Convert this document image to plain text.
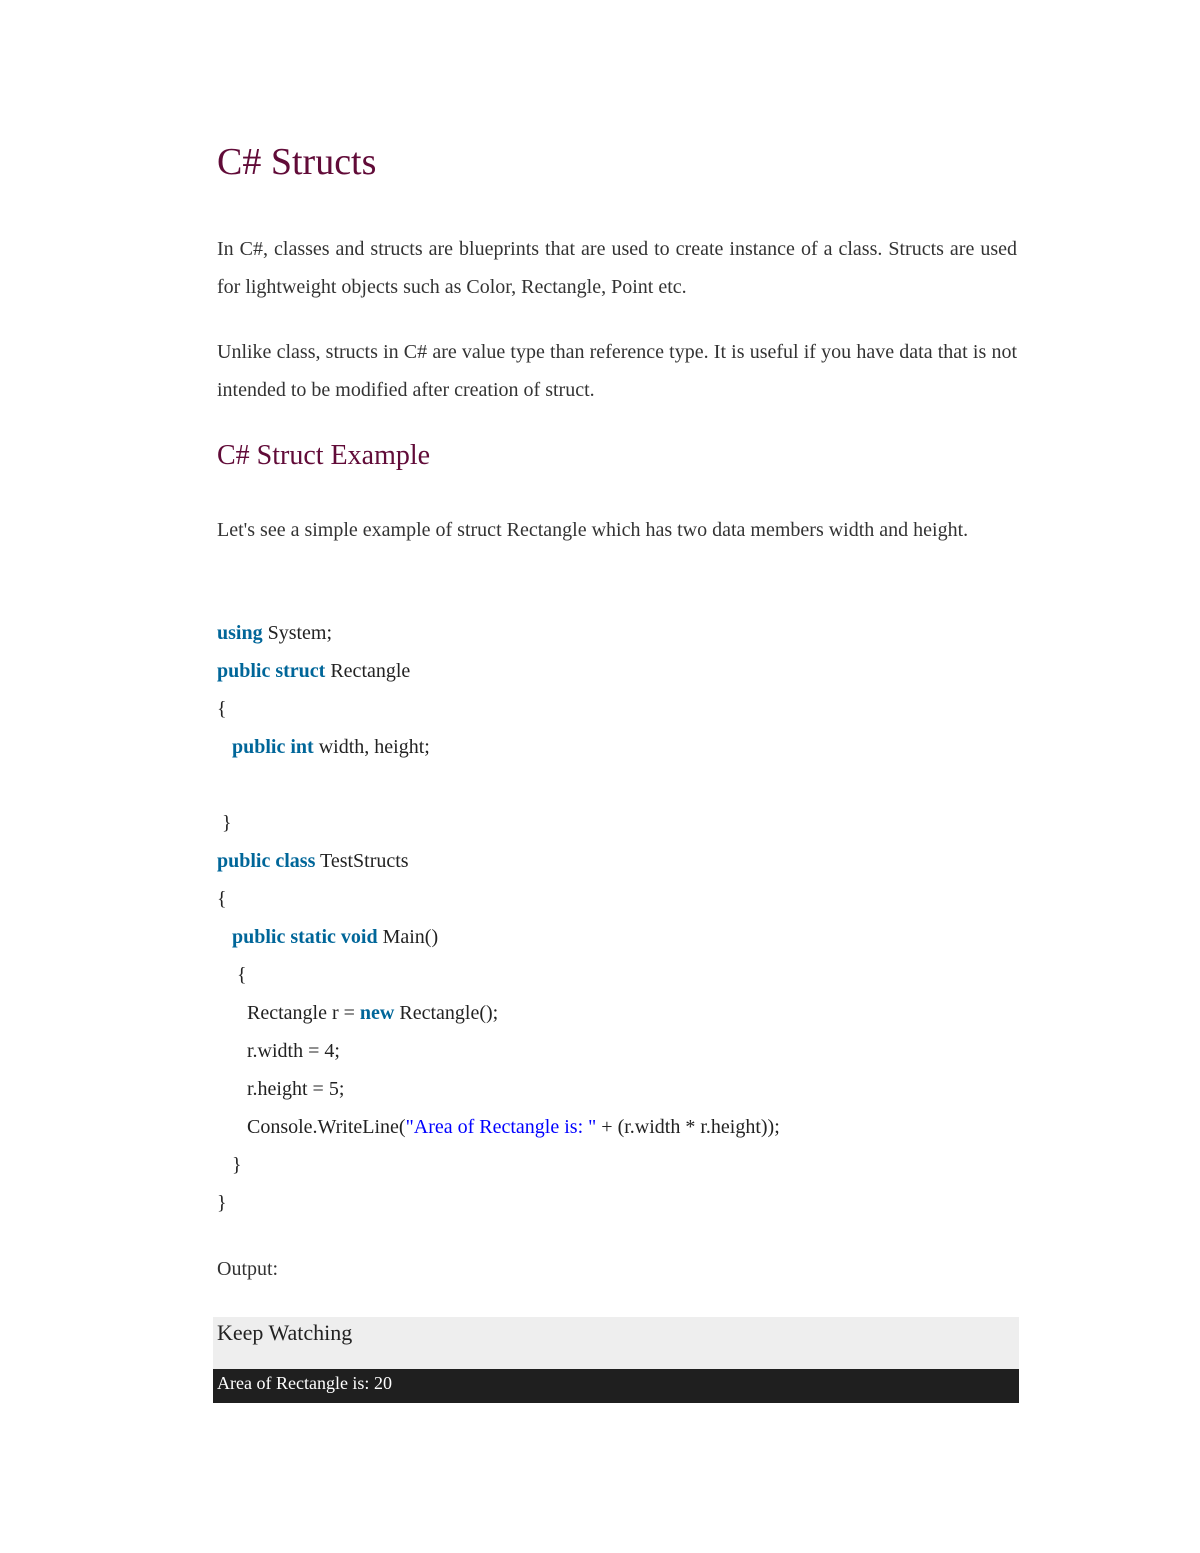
C# Structs

In C#, classes and structs are blueprints that are used to create instance of a class. Structs are used for lightweight objects such as Color, Rectangle, Point etc.

Unlike class, structs in C# are value type than reference type. It is useful if you have data that is not intended to be modified after creation of struct.

C# Struct Example

Let's see a simple example of struct Rectangle which has two data members width and height.

using System;
public struct Rectangle
{
public int width, height;
}
public class TestStructs
{
public static void Main()
{
Rectangle r = new Rectangle();
r.width = 4;
r.height = 5;
Console.WriteLine("Area of Rectangle is: " + (r.width * r.height));
}
}
Output:
Keep Watching
Area of Rectangle is: 20
